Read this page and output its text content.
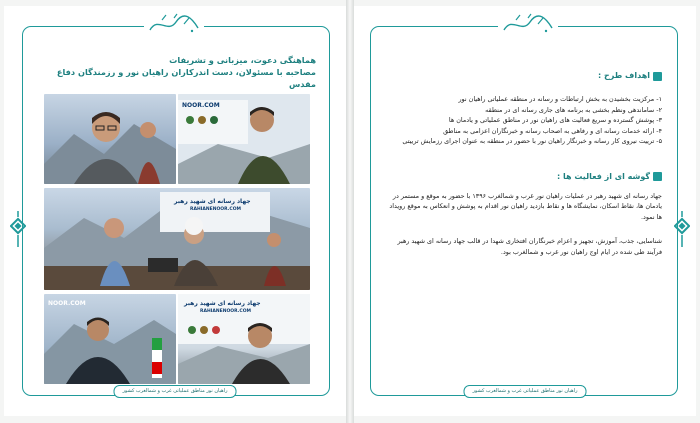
هماهنگی دعوت، میزبانی و تشریفات
مصاحبه با مسئولان، دست اندرکاران راهیان نور و رزمندگان دفاع مقدس
NOOR.COM
جهاد رسانه ای شهید رهبر
RAHIANENOOR.COM
NOOR.COM	جهاد رسانه ای شهید رهبر
RAHIANENOOR.COM
راهیان نور مناطق عملیاتی غرب و شمالغرب کشور
اهداف طرح :
۱- مرکزیت بخشیدن به بخش ارتباطات و رسانه در منطقه عملیاتی راهیان نور
۲- ساماندهی ونظم بخشی به برنامه های جاری رسانه ای در منطقه
۳- پوشش گسترده و سریع فعالیت های راهیان نور در مناطق عملیاتی و یادمان ها
۴- ارائه خدمات رسانه ای و رفاهی به اصحاب رسانه و خبرنگاران اعزامی به مناطق
۵- ترییت نیروی کار رسانه و خبرنگار راهیان نور با حضور در منطقه به عنوان اجرای رزمایش ترییتی
گوشه ای از فعالیت ها :

جهاد رسانه ای شهید رهبر در عملیات راهیان نور غرب و شمالغرب ۱۳۹۶ با حضور به موقع و مستمر در یادمان ها، نقاط اسکان، نمایشگاه ها و نقاط بازدید راهیان نور اقدام به پوشش و انعکاس به موقع رویداد ها نمود.

شناسایی، جذب، آموزش، تجهیز و اعزام خبرنگاران افتخاری شهدا در قالب جهاد رسانه ای شهید رهبر فرآیند طی شده در ایام اوج راهیان نور غرب و شمالغرب بود.

راهیان نور مناطق عملیاتی غرب و شمالغرب کشور
